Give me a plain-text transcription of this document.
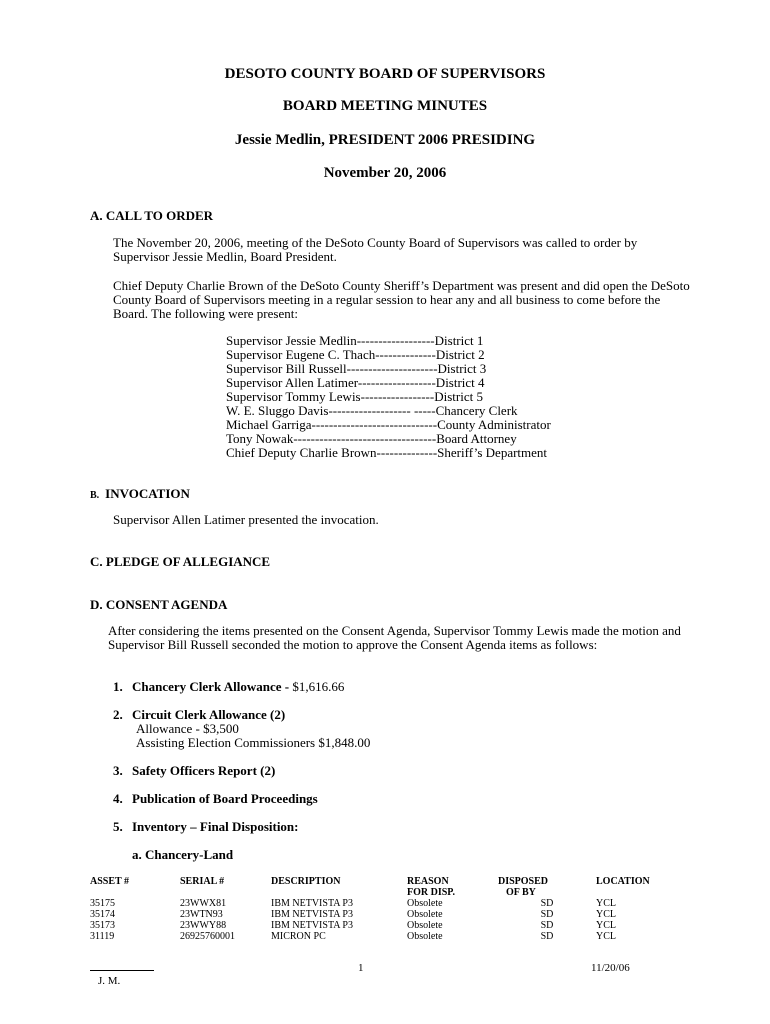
DESOTO COUNTY BOARD OF SUPERVISORS
BOARD MEETING MINUTES
Jessie Medlin, PRESIDENT 2006 PRESIDING
November 20, 2006
A. CALL TO ORDER
The November 20, 2006, meeting of the DeSoto County Board of Supervisors was called to order by Supervisor Jessie Medlin, Board President.
Chief Deputy Charlie Brown of the DeSoto County Sheriff’s Department was present and did open the DeSoto County Board of Supervisors meeting in a regular session to hear any and all business to come before the Board. The following were present:
Supervisor Jessie Medlin------------------District 1
Supervisor Eugene C. Thach--------------District 2
Supervisor Bill Russell---------------------District 3
Supervisor Allen Latimer------------------District 4
Supervisor Tommy Lewis-----------------District 5
W. E. Sluggo Davis------------------- -----Chancery Clerk
Michael Garriga-----------------------------County Administrator
Tony Nowak---------------------------------Board Attorney
Chief Deputy Charlie Brown--------------Sheriff’s Department
B. INVOCATION
Supervisor Allen Latimer presented the invocation.
C. PLEDGE OF ALLEGIANCE
D. CONSENT AGENDA
After considering the items presented on the Consent Agenda, Supervisor Tommy Lewis made the motion and Supervisor Bill Russell seconded the motion to approve the Consent Agenda items as follows:
1. Chancery Clerk Allowance - $1,616.66
2. Circuit Clerk Allowance (2)
Allowance - $3,500
Assisting Election Commissioners $1,848.00
3. Safety Officers Report (2)
4. Publication of Board Proceedings
5. Inventory – Final Disposition:
a. Chancery-Land
ASSET #	SERIAL #	DESCRIPTION	REASON	DISPOSED	LOCATION
			FOR DISP.	OF BY	
35175	23WWX81	IBM NETVISTA P3	Obsolete	SD	YCL
35174	23WTN93	IBM NETVISTA P3	Obsolete	SD	YCL
35173	23WWY88	IBM NETVISTA P3	Obsolete	SD	YCL
31119	26925760001	MICRON PC	Obsolete	SD	YCL
J. M.
1	11/20/06
